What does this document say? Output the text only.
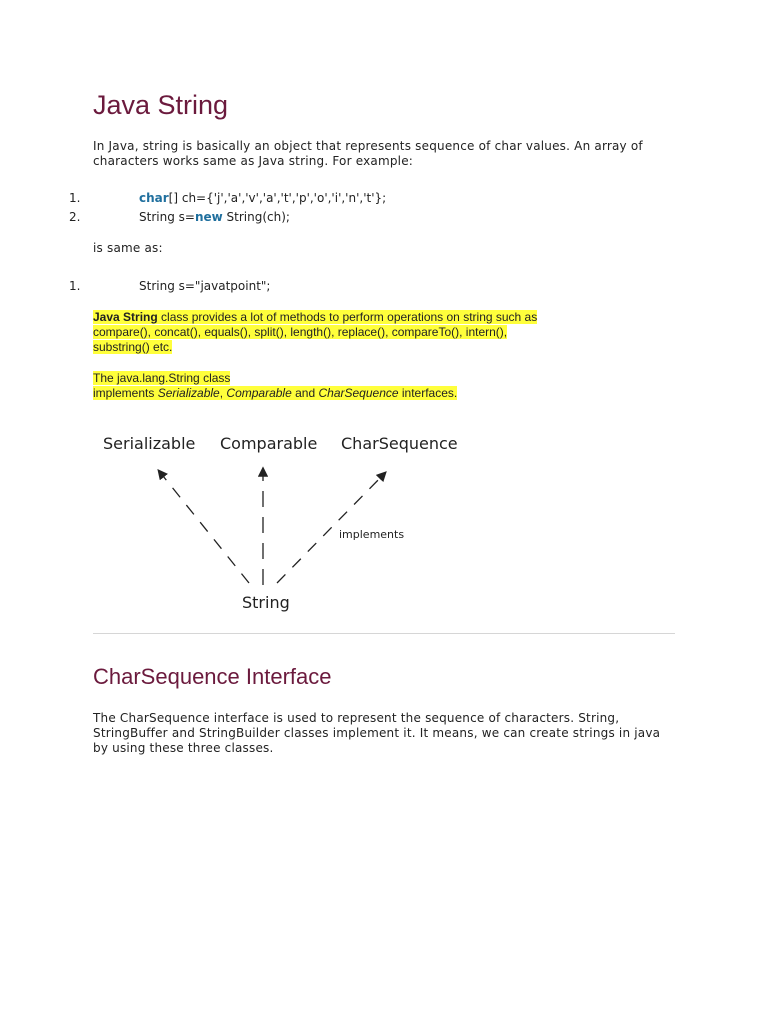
Java String

In Java, string is basically an object that represents sequence of char values. An array of characters works same as Java string. For example:

1.	char[] ch={'j','a','v','a','t','p','o','i','n','t'};
2.	String s=new String(ch);

is same as:

1.	String s="javatpoint";
Java String class provides a lot of methods to perform operations on string such as
compare(), concat(), equals(), split(), length(), replace(), compareTo(), intern(),
substring() etc.
The java.lang.String class
implements Serializable, Comparable and CharSequence interfaces.
Serializable Comparable CharSequence
implements
String
CharSequence Interface

The CharSequence interface is used to represent the sequence of characters. String, StringBuffer and StringBuilder classes implement it. It means, we can create strings in java by using these three classes.
